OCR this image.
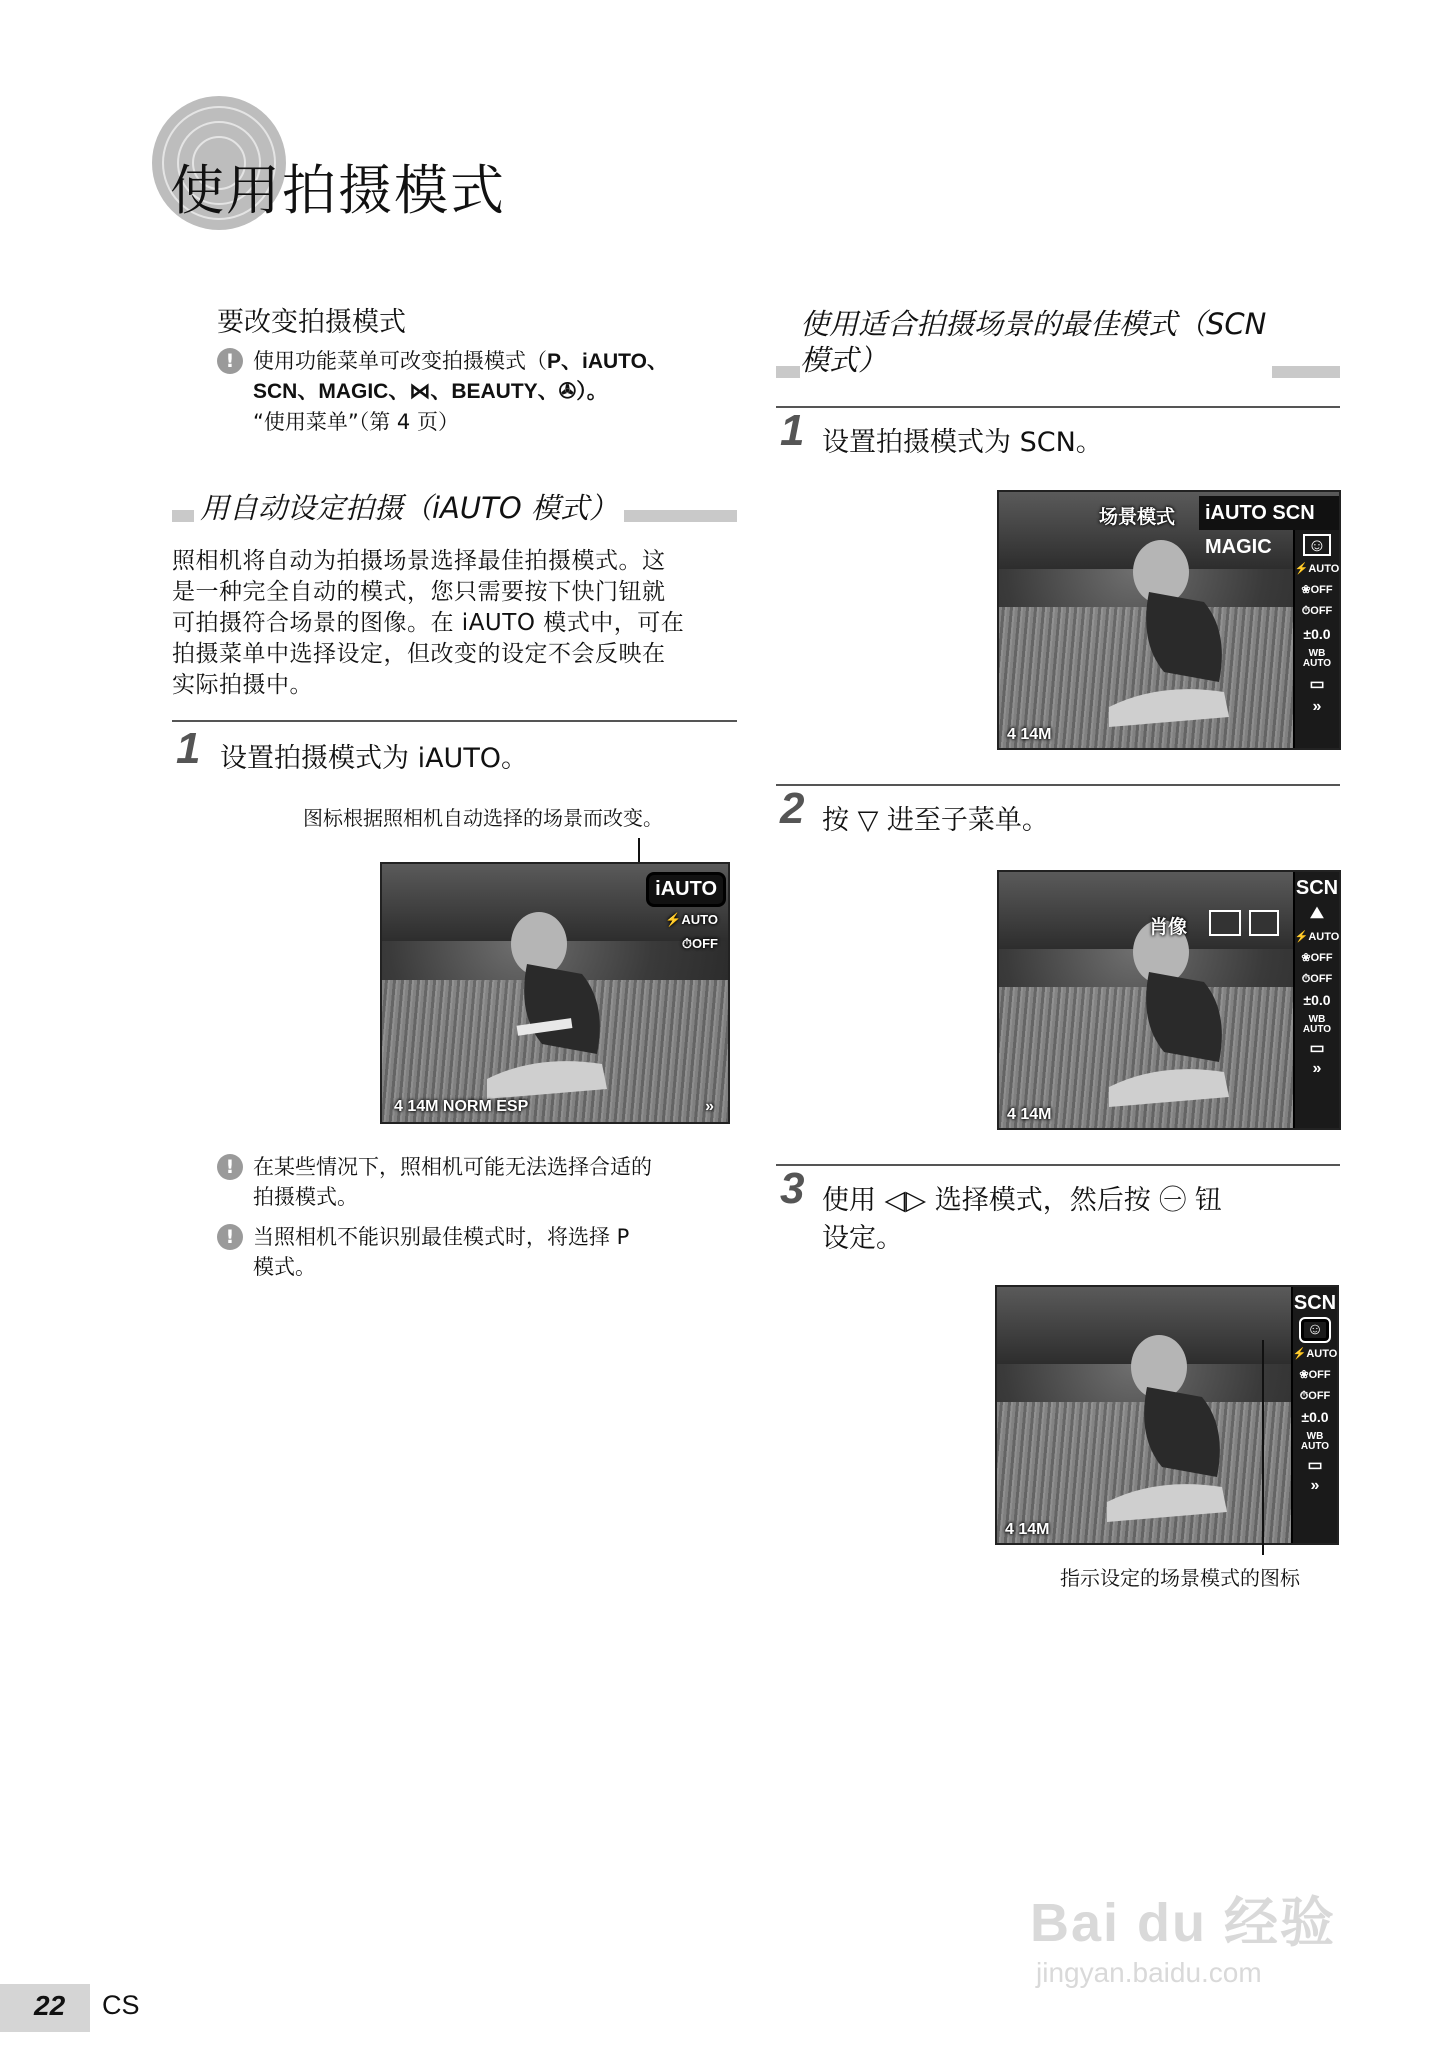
使用拍摄模式
要改变拍摄模式
! 使用功能菜单可改变拍摄模式（P、iAUTO、
SCN、MAGIC、⋈、BEAUTY、✇）。
“使用菜单”（第 4 页）
用自动设定拍摄（iAUTO 模式）
照相机将自动为拍摄场景选择最佳拍摄模式。这
是一种完全自动的模式，您只需要按下快门钮就
可拍摄符合场景的图像。在 iAUTO 模式中，可在
拍摄菜单中选择设定，但改变的设定不会反映在
实际拍摄中。
1 设置拍摄模式为 iAUTO。
图标根据照相机自动选择的场景而改变。
iAUTO
⚡AUTO
⏱OFF
4 14M NORM ESP	»
! 在某些情况下，照相机可能无法选择合适的
拍摄模式。
! 当照相机不能识别最佳模式时，将选择 P
模式。
使用适合拍摄场景的最佳模式（SCN
模式）
1 设置拍摄模式为 SCN。
场景模式	iAUTO SCN MAGIC	☺
⚡AUTO
❀OFF
⏱OFF
±0.0
WB AUTO
▭
»
4 14M
2 按 ▽ 进至子菜单。
肖像
SCN
⛰
⚡AUTO
❀OFF
⏱OFF
±0.0
WB AUTO
▭
»
4 14M
3 使用 ◁▷ 选择模式，然后按 ㊀ 钮
设定。
SCN
☺
⚡AUTO
❀OFF
⏱OFF
±0.0
WB AUTO
▭
»
4 14M
指示设定的场景模式的图标
22 CS
Bai du 经验
jingyan.baidu.com
